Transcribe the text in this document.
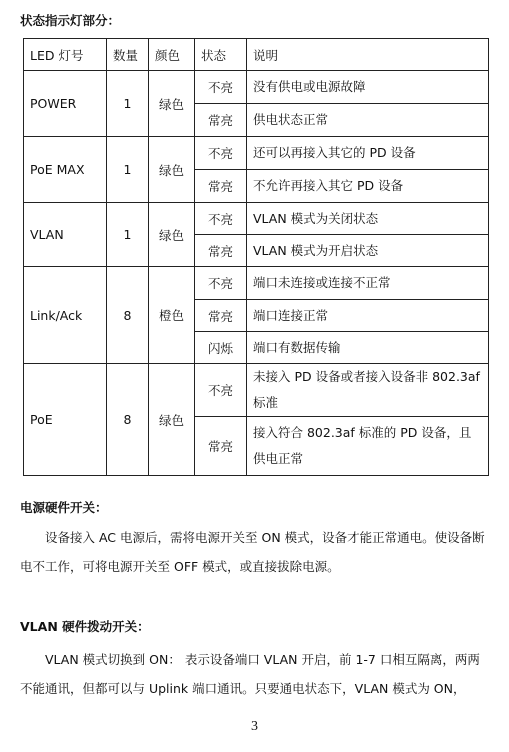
状态指示灯部分：
LED 灯号	数量	颜色	状态	说明
POWER	1	绿色	不亮	没有供电或电源故障
			常亮	供电状态正常
PoE MAX	1	绿色	不亮	还可以再接入其它的 PD 设备
			常亮	不允许再接入其它 PD 设备
VLAN	1	绿色	不亮	VLAN 模式为关闭状态
			常亮	VLAN 模式为开启状态
Link/Ack	8	橙色	不亮	端口未连接或连接不正常
			常亮	端口连接正常
			闪烁	端口有数据传输
PoE	8	绿色	不亮	未接入 PD 设备或者接入设备非 802.3af 标准
			常亮	接入符合 802.3af 标准的 PD 设备，且供电正常
电源硬件开关：

设备接入 AC 电源后，需将电源开关至 ON 模式，设备才能正常通电。使设备断电不工作，可将电源开关至 OFF 模式，或直接拔除电源。

VLAN 硬件拨动开关：

VLAN 模式切换到 ON： 表示设备端口 VLAN 开启，前 1-7 口相互隔离，两两不能通讯，但都可以与 Uplink 端口通讯。只要通电状态下，VLAN 模式为 ON，

3
